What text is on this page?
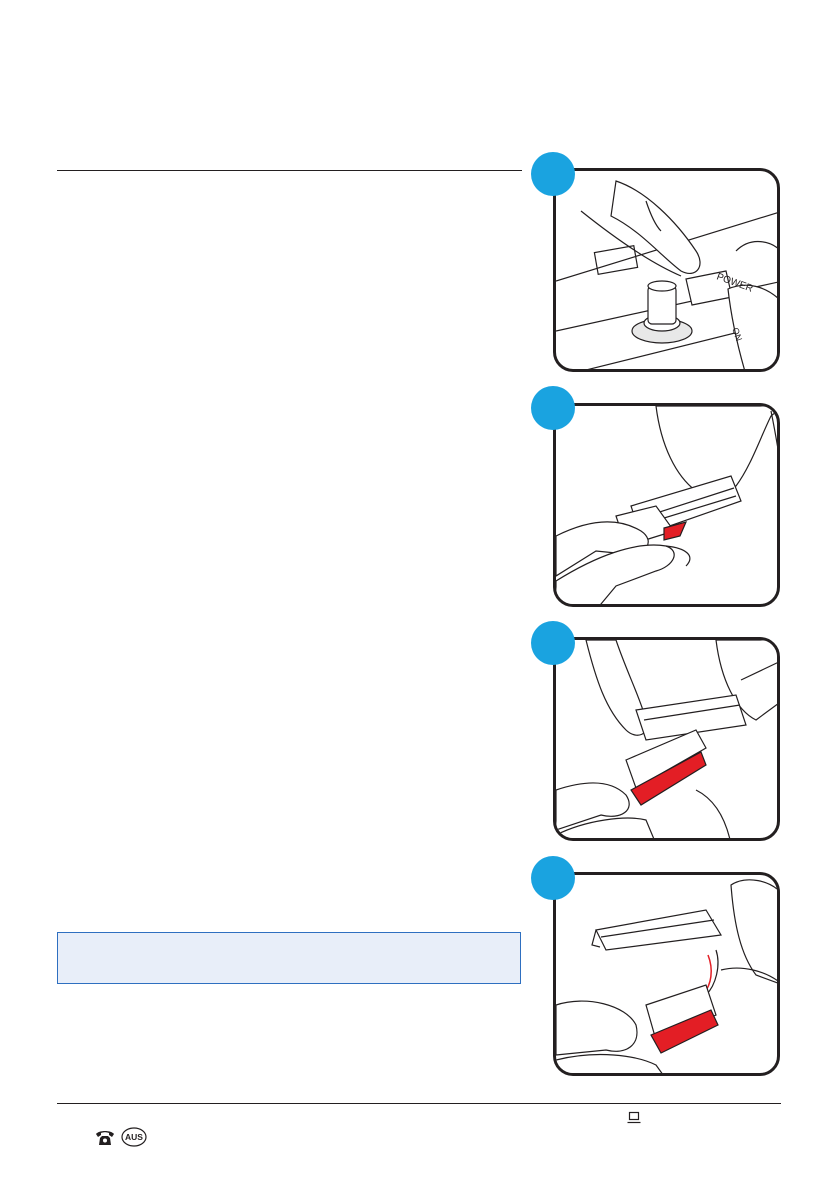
POWER
ON
AUS
